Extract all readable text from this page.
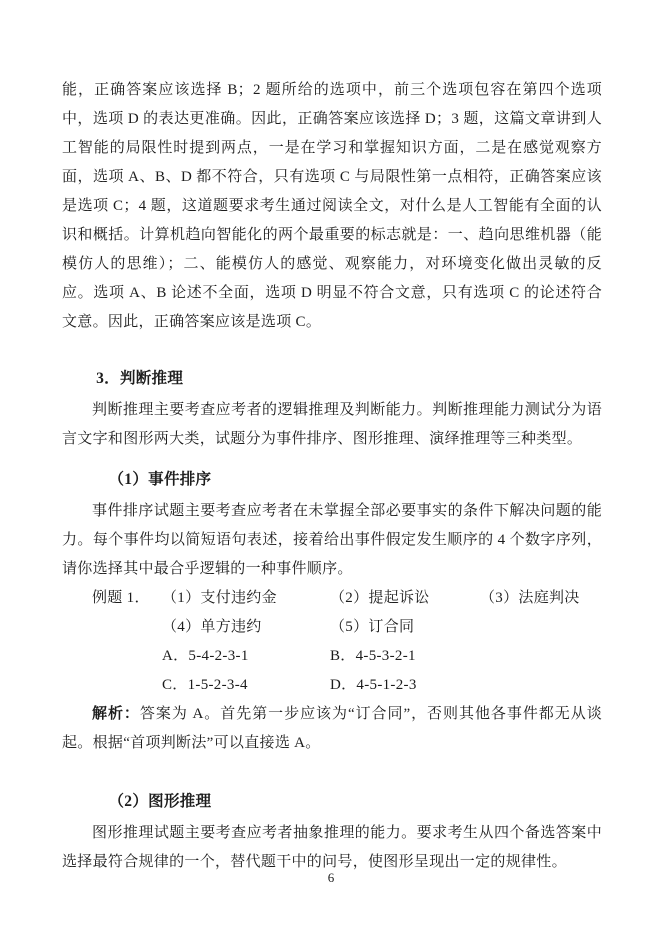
能，正确答案应该选择 B；2 题所给的选项中，前三个选项包容在第四个选项中，选项 D 的表达更准确。因此，正确答案应该选择 D；3 题，这篇文章讲到人工智能的局限性时提到两点，一是在学习和掌握知识方面，二是在感觉观察方面，选项 A、B、D 都不符合，只有选项 C 与局限性第一点相符，正确答案应该是选项 C；4 题，这道题要求考生通过阅读全文，对什么是人工智能有全面的认识和概括。计算机趋向智能化的两个最重要的标志就是：一、趋向思维机器（能模仿人的思维）；二、能模仿人的感觉、观察能力，对环境变化做出灵敏的反应。选项 A、B 论述不全面，选项 D 明显不符合文意，只有选项 C 的论述符合文意。因此，正确答案应该是选项 C。

3．判断推理

判断推理主要考查应考者的逻辑推理及判断能力。判断推理能力测试分为语言文字和图形两大类，试题分为事件排序、图形推理、演绎推理等三种类型。

（1）事件排序

事件排序试题主要考查应考者在未掌握全部必要事实的条件下解决问题的能力。每个事件均以简短语句表述，接着给出事件假定发生顺序的 4 个数字序列，请你选择其中最合乎逻辑的一种事件顺序。

例题 1． （1）支付违约金	（2）提起诉讼	（3）法庭判决
（4）单方违约	（5）订合同
A．5-4-2-3-1	B．4-5-3-2-1
C．1-5-2-3-4	D．4-5-1-2-3

解析：答案为 A。首先第一步应该为“订合同”，否则其他各事件都无从谈起。根据“首项判断法”可以直接选 A。

（2）图形推理

图形推理试题主要考查应考者抽象推理的能力。要求考生从四个备选答案中选择最符合规律的一个，替代题干中的问号，使图形呈现出一定的规律性。

6
